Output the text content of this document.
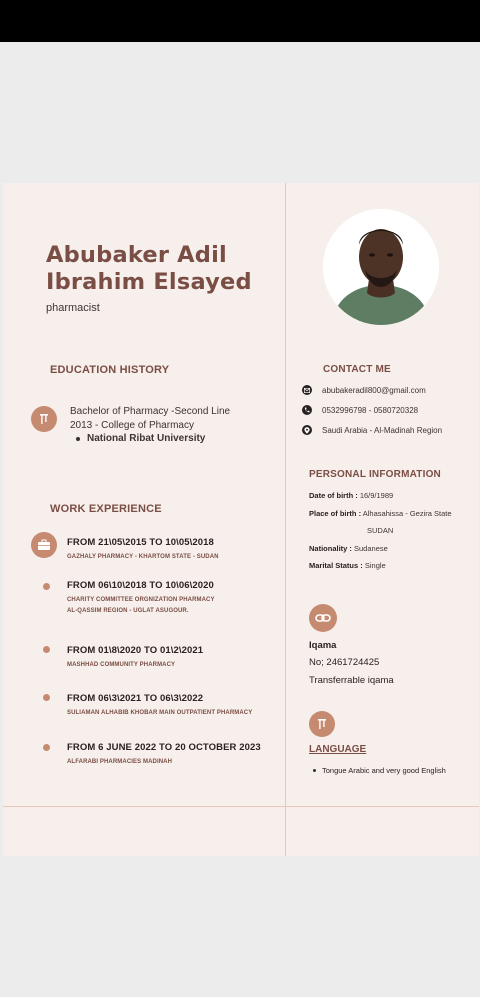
Abubaker Adil Ibrahim Elsayed
pharmacist
EDUCATION HISTORY
Bachelor of Pharmacy -Second Line
2013 - College of Pharmacy
National Ribat University
WORK EXPERIENCE
FROM 21\05\2015 TO 10\05\2018
GAZHALY PHARMACY - KHARTOM STATE - SUDAN
FROM 06\10\2018 TO 10\06\2020
CHARITY COMMITTEE ORGNIZATION PHARMACY
AL-QASSIM REGION - UGLAT ASUGOUR.
FROM 01\8\2020 TO 01\2\2021
MASHHAD COMMUNITY PHARMACY
FROM 06\3\2021 TO 06\3\2022
SULIAMAN ALHABIB KHOBAR MAIN OUTPATIENT PHARMACY
FROM 6 JUNE 2022 TO 20 OCTOBER 2023
ALFARABI PHARMACIES MADINAH
CONTACT ME
abubakeradil800@gmail.com
0532996798 - 0580720328
Saudi Arabia - Al-Madinah Region
PERSONAL INFORMATION
Date of birth : 16/9/1989
Place of birth : Alhasahissa - Gezira State
SUDAN
Nationality : Sudanese
Marital Status : Single
Iqama
No; 2461724425
Transferrable iqama
LANGUAGE
Tongue Arabic and very good English
